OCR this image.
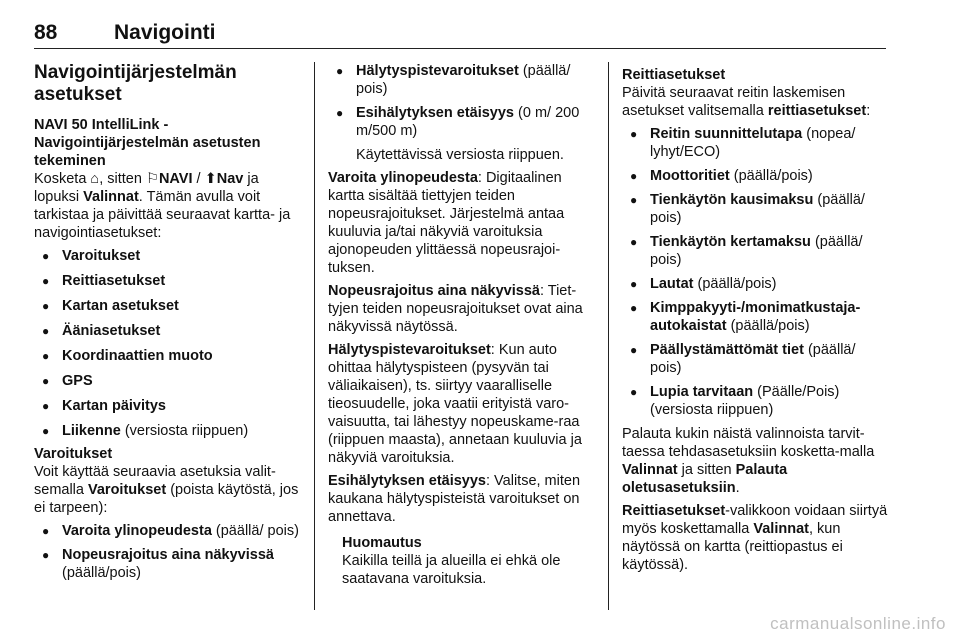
88	Navigointi
Navigointijärjestelmän asetukset

NAVI 50 IntelliLink - Navigointijärjestelmän asetusten tekeminen

Kosketa ⌂, sitten ⚐NAVI / ⬆Nav ja lopuksi Valinnat. Tämän avulla voit tarkistaa ja päivittää seuraavat kartta- ja navigointiasetukset:

● Varoitukset
● Reittiasetukset
● Kartan asetukset
● Ääniasetukset
● Koordinaattien muoto
● GPS
● Kartan päivitys
● Liikenne (versiosta riippuen)

Varoitukset

Voit käyttää seuraavia asetuksia valit-semalla Varoitukset (poista käytöstä, jos ei tarpeen):

● Varoita ylinopeudesta (päällä/ pois)
● Nopeusrajoitus aina näkyvissä (päällä/pois)
● Hälytyspistevaroitukset (päällä/ pois)
● Esihälytyksen etäisyys (0 m/ 200 m/500 m)

Käytettävissä versiosta riippuen.

Varoita ylinopeudesta: Digitaalinen kartta sisältää tiettyjen teiden nopeusrajoitukset. Järjestelmä antaa kuuluvia ja/tai näkyviä varoituksia ajonopeuden ylittäessä nopeusrajoi-tuksen.

Nopeusrajoitus aina näkyvissä: Tiet-tyjen teiden nopeusrajoitukset ovat aina näkyvissä näytössä.

Hälytyspistevaroitukset: Kun auto ohittaa hälytyspisteen (pysyvän tai väliaikaisen), ts. siirtyy vaaralliselle tieosuudelle, joka vaatii erityistä varo-vaisuutta, tai lähestyy nopeuskame-raa (riippuen maasta), annetaan kuuluvia ja näkyviä varoituksia.

Esihälytyksen etäisyys: Valitse, miten kaukana hälytyspisteistä varoitukset on annettava.

Huomautus
Kaikilla teillä ja alueilla ei ehkä ole saatavana varoituksia.

Reittiasetukset

Päivitä seuraavat reitin laskemisen asetukset valitsemalla reittiasetukset:

● Reitin suunnittelutapa (nopea/ lyhyt/ECO)
● Moottoritiet (päällä/pois)
● Tienkäytön kausimaksu (päällä/ pois)
● Tienkäytön kertamaksu (päällä/ pois)
● Lautat (päällä/pois)
● Kimppakyyti-/monimatkustaja-autokaistat (päällä/pois)
● Päällystämättömät tiet (päällä/ pois)
● Lupia tarvitaan (Päälle/Pois) (versiosta riippuen)

Palauta kukin näistä valinnoista tarvit-taessa tehdasasetuksiin kosketta-malla Valinnat ja sitten Palauta oletusasetuksiin.

Reittiasetukset-valikkoon voidaan siirtyä myös koskettamalla Valinnat, kun näytössä on kartta (reittiopastus ei käytössä).

carmanualsonline.info
